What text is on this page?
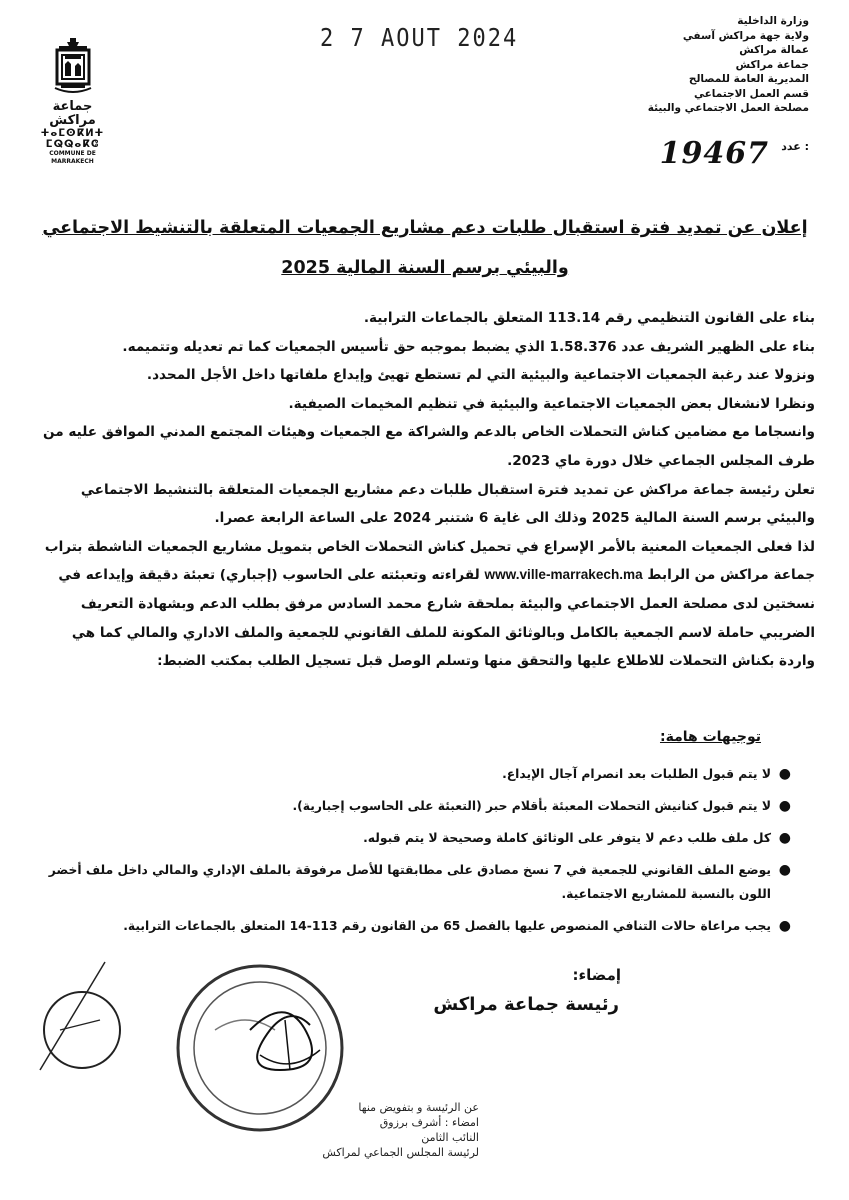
جماعة مراكش
ⵜⴰⵎⵙⴽⵍⵜ ⵎⵕⵕⴰⴽⵛ
COMMUNE DE MARRAKECH
2 7 AOUT 2024

وزارة الداخلية
ولاية جهة مراكش آسفي
عمالة مراكش
جماعة مراكش
المديرية العامة للمصالح
قسم العمل الاجتماعي
مصلحة العمل الاجتماعي والبيئة
عدد :
19467
إعلان عن تمديد فترة استقبال طلبات دعم مشاريع الجمعيات المتعلقة بالتنشيط الاجتماعي
والبيئي برسم السنة المالية 2025

بناء على القانون التنظيمي رقم 113.14 المتعلق بالجماعات الترابية.

بناء على الظهير الشريف عدد 1.58.376 الذي يضبط بموجبه حق تأسيس الجمعيات كما تم تعديله وتتميمه.

ونزولا عند رغبة الجمعيات الاجتماعية والبيئية التي لم تستطع تهيئ وإيداع ملفاتها داخل الأجل المحدد.

ونظرا لانشغال بعض الجمعيات الاجتماعية والبيئية في تنظيم المخيمات الصيفية.

وانسجاما مع مضامين كناش التحملات الخاص بالدعم والشراكة مع الجمعيات وهيئات المجتمع المدني الموافق عليه من طرف المجلس الجماعي خلال دورة ماي 2023.

تعلن رئيسة جماعة مراكش عن تمديد فترة استقبال طلبات دعم مشاريع الجمعيات المتعلقة بالتنشيط الاجتماعي والبيئي برسم السنة المالية 2025 وذلك الى غاية 6 شتنبر 2024 على الساعة الرابعة عصرا.

لذا فعلى الجمعيات المعنية بالأمر الإسراع في تحميل كناش التحملات الخاص بتمويل مشاريع الجمعيات الناشطة بتراب جماعة مراكش من الرابط www.ville-marrakech.ma لقراءته وتعبئته على الحاسوب (إجباري) تعبئة دقيقة وإيداعه في نسختين لدى مصلحة العمل الاجتماعي والبيئة بملحقة شارع محمد السادس مرفق بطلب الدعم وبشهادة التعريف الضريبي حاملة لاسم الجمعية بالكامل وبالوثائق المكونة للملف القانوني للجمعية والملف الاداري والمالي كما هي واردة بكناش التحملات للاطلاع عليها والتحقق منها وتسلم الوصل قبل تسجيل الطلب بمكتب الضبط:

توجيهات هامة:
●
لا يتم قبول الطلبات بعد انصرام آجال الإيداع.
●
لا يتم قبول كنانيش التحملات المعبئة بأقلام حبر (التعبئة على الحاسوب إجبارية).
●
كل ملف طلب دعم لا يتوفر على الوثائق كاملة وصحيحة لا يتم قبوله.
●
يوضع الملف القانوني للجمعية في 7 نسخ مصادق على مطابقتها للأصل مرفوقة بالملف الإداري والمالي داخل ملف أخضر اللون بالنسبة للمشاريع الاجتماعية.
●
يجب مراعاة حالات التنافي المنصوص عليها بالفصل 65 من القانون رقم 113-14 المتعلق بالجماعات الترابية.
إمضاء:
رئيسة جماعة مراكش
عن الرئيسة و بتفويض منها
امضاء : أشرف برزوق
النائب الثامن
لرئيسة المجلس الجماعي لمراكش
